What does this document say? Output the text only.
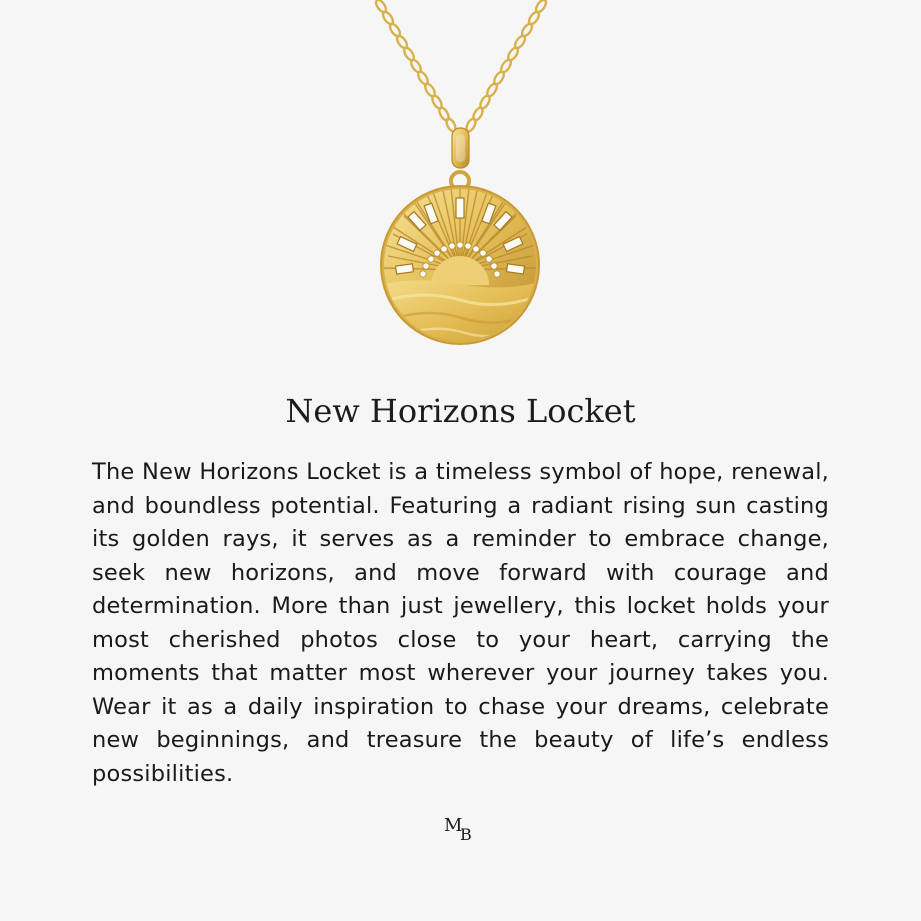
New Horizons Locket

The New Horizons Locket is a timeless symbol of hope, renewal, and boundless potential. Featuring a radiant rising sun casting its golden rays, it serves as a reminder to embrace change, seek new horizons, and move forward with courage and determination. More than just jewellery, this locket holds your most cherished photos close to your heart, carrying the moments that matter most wherever your journey takes you. Wear it as a daily inspiration to chase your dreams, celebrate new beginnings, and treasure the beauty of life’s endless possibilities.

M
B
